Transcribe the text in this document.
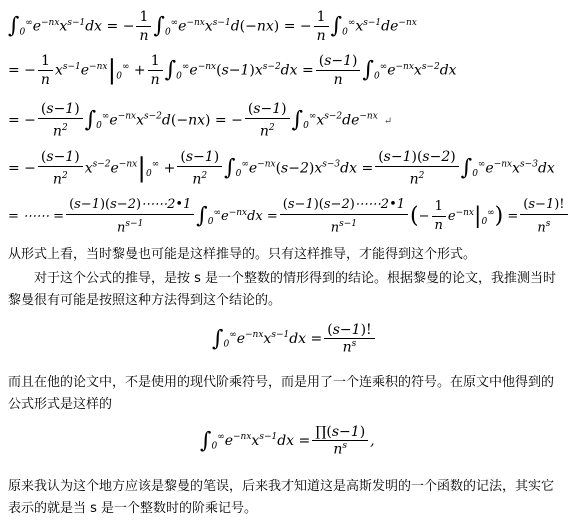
$\int_0^\infty e^{-nx}x^{s-1}dx$ = − $\frac{1}{n} \int_0^\infty e^{-nx}x^{s-1}d(-nx)$ = − $\frac{1}{n} \int_0^\infty x^{s-1}de^{-nx}$
= − $\frac{1}{n} x^{s-1}e^{-nx}|_0^\infty + \frac{1}{n} \int_0^\infty e^{-nx}(s-1)x^{s-2}dx = \frac{(s-1)}{n} \int_0^\infty e^{-nx}x^{s-2}dx$
= − $\frac{(s-1)}{n^2} \int_0^\infty e^{-nx}x^{s-2}d(-nx)$ = − $\frac{(s-1)}{n^2} \int_0^\infty x^{s-2}de^{-nx}$ ↵
= − $\frac{(s-1)}{n^2} x^{s-2}e^{-nx}|_0^\infty + \frac{(s-1)}{n^2} \int_0^\infty e^{-nx}(s-2)x^{s-3}dx = \frac{(s-1)(s-2)}{n^2} \int_0^\infty e^{-nx}x^{s-3}dx$
= ⋯⋯ = $\frac{(s-1)(s-2)\cdots\cdots 2•1}{n^{s-1}} \int_0^\infty e^{-nx}dx = \frac{(s-1)(s-2)\cdots\cdots 2•1}{n^{s-1}}$ (− $\frac{1}{n} e^{-nx}|_0^\infty) = \frac{(s-1)!}{n^s}$
从形式上看，当时黎曼也可能是这样推导的。只有这样推导，才能得到这个形式。
对于这个公式的推导，是按 s 是一个整数的情形得到的结论。根据黎曼的论文，我推测当时黎曼很有可能是按照这种方法得到这个结论的。
$\int_0^\infty e^{-nx}x^{s-1}dx = \frac{(s-1)!}{n^s}$
而且在他的论文中，不是使用的现代阶乘符号，而是用了一个连乘积的符号。在原文中他得到的公式形式是这样的
$\int_0^\infty e^{-nx}x^{s-1}dx = \frac{\prod(s-1)}{n^s}$ ,
原来我认为这个地方应该是黎曼的笔误，后来我才知道这是高斯发明的一个函数的记法，其实它表示的就是当 s 是一个整数时的阶乘记号。
